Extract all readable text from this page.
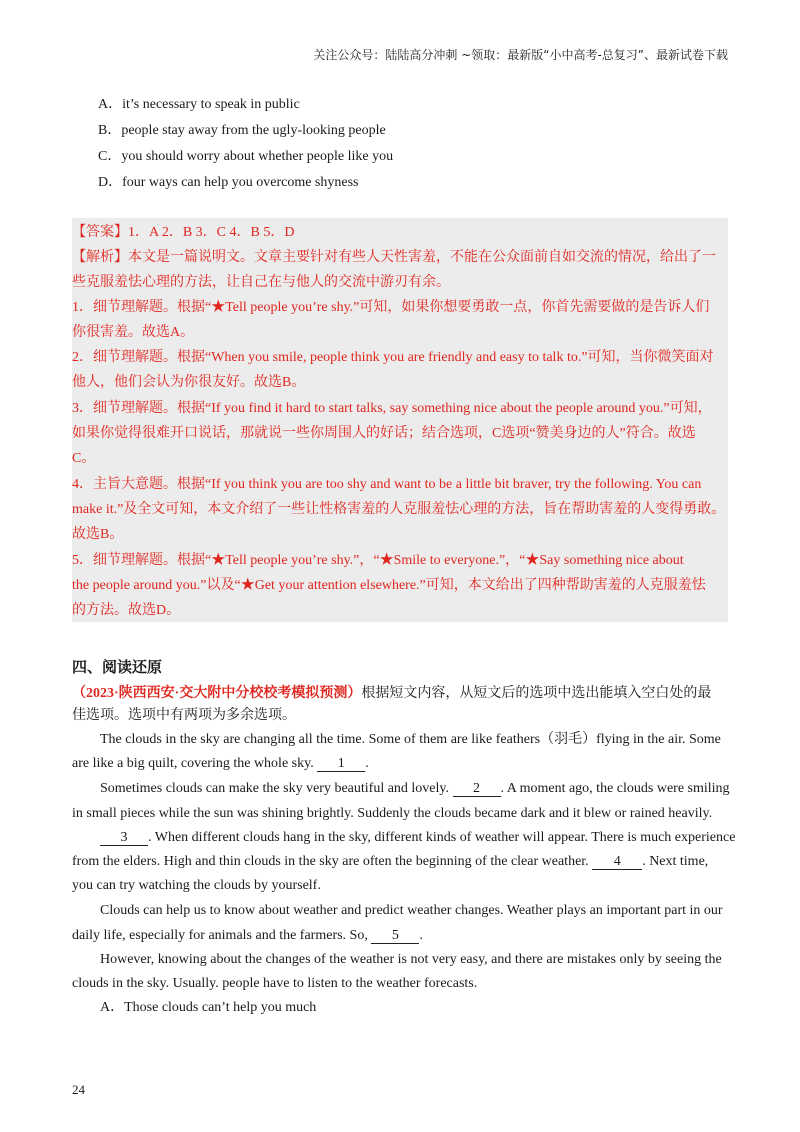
关注公众号：陆陆高分冲刺 ~领取：最新版“小中高考-总复习”、最新试卷下载
A．it’s necessary to speak in public
B．people stay away from the ugly-looking people
C．you should worry about whether people like you
D．four ways can help you overcome shyness
【答案】1．A 2．B 3．C 4．B 5．D
【解析】本文是一篇说明文。文章主要针对有些人天性害羞，不能在公众面前自如交流的情况，给出了一
些克服羞怯心理的方法，让自己在与他人的交流中游刃有余。
1．细节理解题。根据“★Tell people you’re shy.”可知，如果你想要勇敢一点，你首先需要做的是告诉人们
你很害羞。故选A。
2．细节理解题。根据“When you smile, people think you are friendly and easy to talk to.”可知，当你微笑面对
他人，他们会认为你很友好。故选B。
3．细节理解题。根据“If you find it hard to start talks, say something nice about the people around you.”可知，
如果你觉得很难开口说话，那就说一些你周围人的好话；结合选项，C选项“赞美身边的人”符合。故选
C。
4．主旨大意题。根据“If you think you are too shy and want to be a little bit braver, try the following. You can
make it.”及全文可知，本文介绍了一些让性格害羞的人克服羞怯心理的方法，旨在帮助害羞的人变得勇敢。
故选B。
5．细节理解题。根据“★Tell people you’re shy.”，“★Smile to everyone.”，“★Say something nice about
the people around you.”以及“★Get your attention elsewhere.”可知，本文给出了四种帮助害羞的人克服羞怯
的方法。故选D。
四、阅读还原
（2023·陕西西安·交大附中分校校考模拟预测）根据短文内容，从短文后的选项中选出能填入空白处的最
佳选项。选项中有两项为多余选项。
The clouds in the sky are changing all the time. Some of them are like feathers（羽毛）flying in the air. Some
are like a big quilt, covering the whole sky. 1 .
Sometimes clouds can make the sky very beautiful and lovely. 2 . A moment ago, the clouds were smiling
in small pieces while the sun was shining brightly. Suddenly the clouds became dark and it blew or rained heavily.
3 . When different clouds hang in the sky, different kinds of weather will appear. There is much experience
from the elders. High and thin clouds in the sky are often the beginning of the clear weather. 4 . Next time,
you can try watching the clouds by yourself.
Clouds can help us to know about weather and predict weather changes. Weather plays an important part in our
daily life, especially for animals and the farmers. So, 5 .
However, knowing about the changes of the weather is not very easy, and there are mistakes only by seeing the
clouds in the sky. Usually. people have to listen to the weather forecasts.
A．Those clouds can’t help you much
24
